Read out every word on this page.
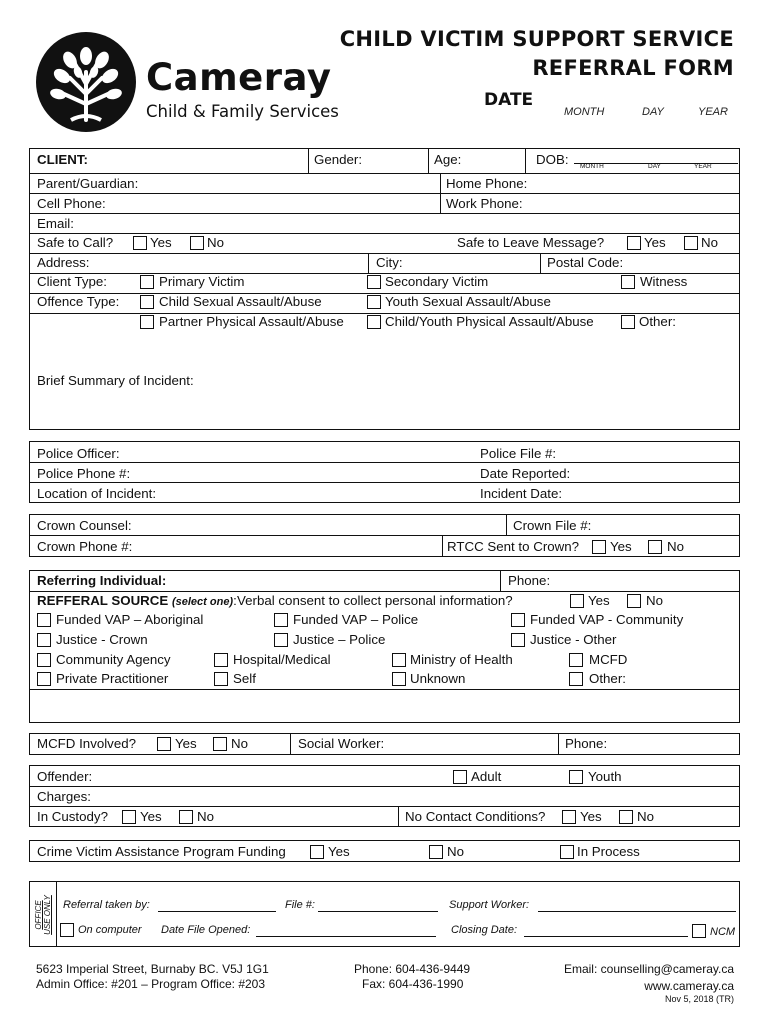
Cameray
Child & Family Services
CHILD VICTIM SUPPORT SERVICE
REFERRAL FORM
DATE
MONTH	DAY	YEAR
CLIENT:	Gender:	Age:	DOB: MONTH	DAY	YEAR
Parent/Guardian:	Home Phone:
Cell Phone:	Work Phone:
Email:
Safe to Call?	Yes	No	Safe to Leave Message?	Yes	No
Address:	City:	Postal Code:
Client Type:	Primary Victim	Secondary Victim	Witness
Offence Type:	Child Sexual Assault/Abuse	Youth Sexual Assault/Abuse
Partner Physical Assault/Abuse	Child/Youth Physical Assault/Abuse	Other:
Brief Summary of Incident:
Police Officer:	Police File #:
Police Phone #:	Date Reported:
Location of Incident:	Incident Date:
Crown Counsel:	Crown File #:
Crown Phone #:	RTCC Sent to Crown? Yes	No
Referring Individual:	Phone:
REFFERAL SOURCE (select one): Verbal consent to collect personal information?	Yes	No
Funded VAP – Aboriginal	Funded VAP – Police	Funded VAP - Community
Justice - Crown	Justice – Police	Justice - Other
Community Agency	Hospital/Medical	Ministry of Health	MCFD
Private Practitioner	Self	Unknown	Other:
MCFD Involved?	Yes	No	Social Worker:	Phone:
Offender:	Adult	Youth
Charges:
In Custody? Yes	No	No Contact Conditions?	Yes	No
Crime Victim Assistance Program Funding	Yes	No	In Process
OFFICE USE ONLY Referral taken by:	File #:	Support Worker:
On computer Date File Opened:	Closing Date:	NCM
5623 Imperial Street, Burnaby BC. V5J 1G1
Admin Office: #201 – Program Office: #203
Phone: 604-436-9449
Fax: 604-436-1990
Email: counselling@cameray.ca
www.cameray.ca
Nov 5, 2018 (TR)
